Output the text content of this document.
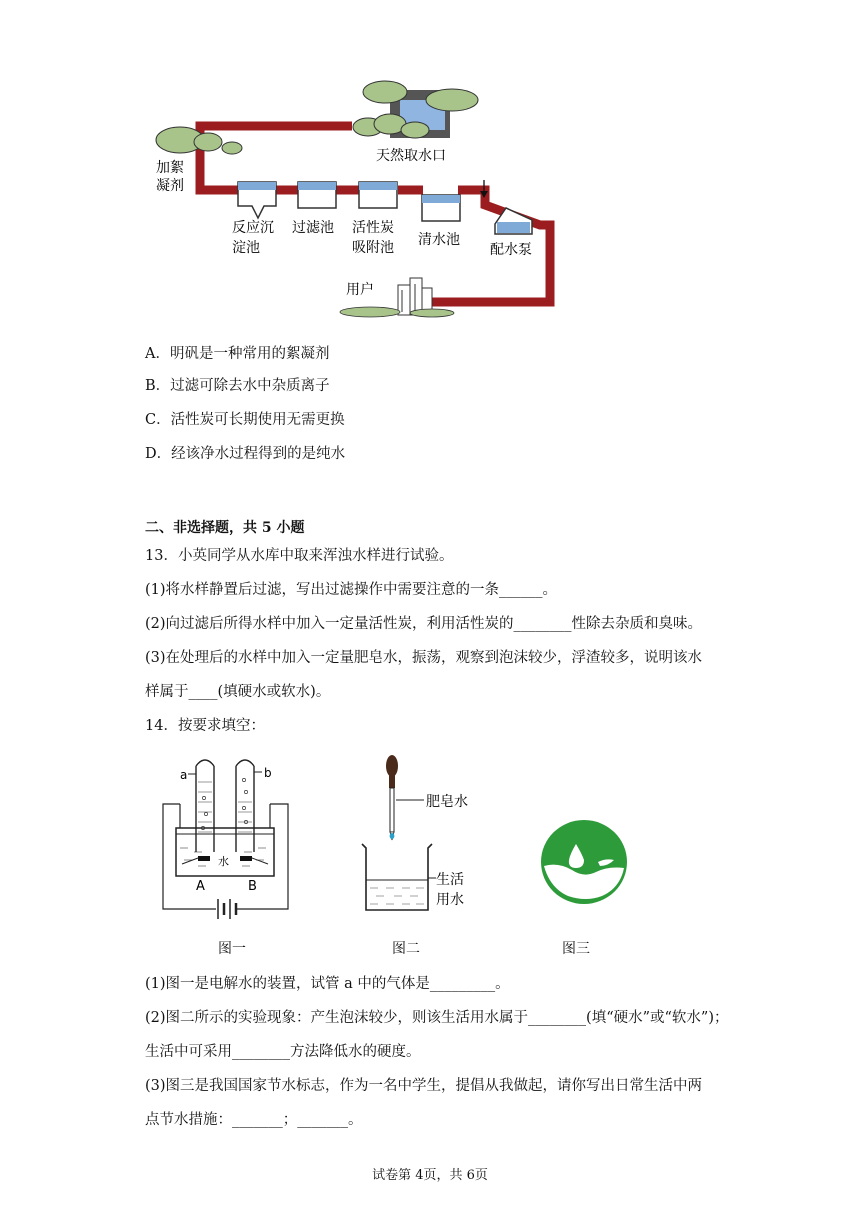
天然取水口
加絮
凝剂
反应沉
淀池
过滤池 活性炭
吸附池 清水池
配水泵
用户
A．明矾是一种常用的絮凝剂
B．过滤可除去水中杂质离子
C．活性炭可长期使用无需更换
D．经该净水过程得到的是纯水
二、非选择题，共 5 小题
13．小英同学从水库中取来浑浊水样进行试验。
(1)将水样静置后过滤，写出过滤操作中需要注意的一条______。
(2)向过滤后所得水样中加入一定量活性炭，利用活性炭的________性除去杂质和臭味。
(3)在处理后的水样中加入一定量肥皂水，振荡，观察到泡沫较少，浮渣较多，说明该水
样属于____(填硬水或软水)。
14．按要求填空：
a	b
水
A	B
图一
肥皂水
生活
用水
图二	图三
(1)图一是电解水的装置，试管 a 中的气体是_________。
(2)图二所示的实验现象：产生泡沫较少，则该生活用水属于________(填“硬水”或“软水”)；
生活中可采用________方法降低水的硬度。
(3)图三是我国国家节水标志，作为一名中学生，提倡从我做起，请你写出日常生活中两
点节水措施：_______；_______。
试卷第 4页，共 6页
